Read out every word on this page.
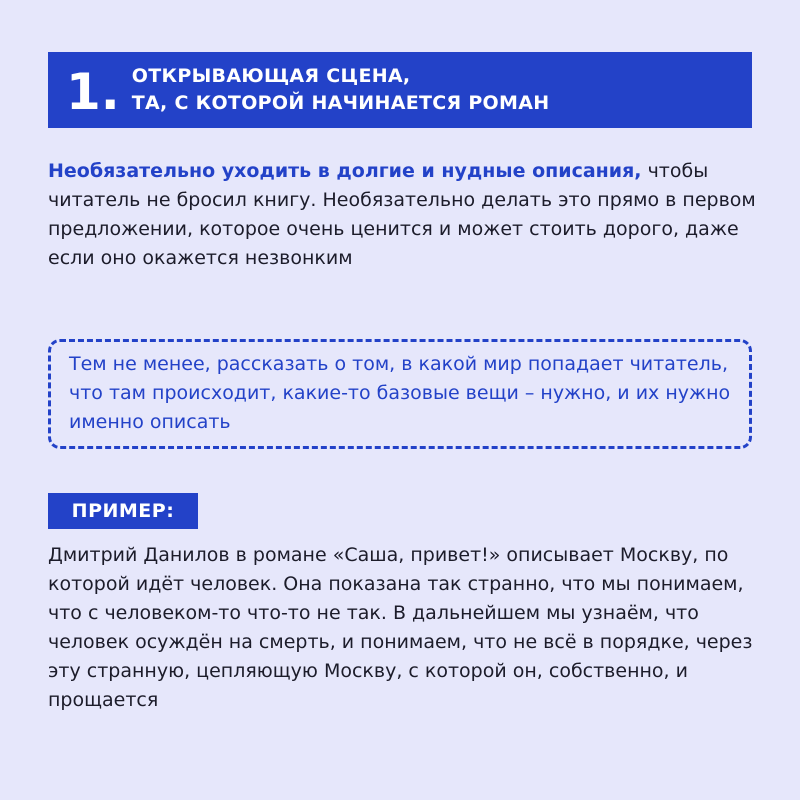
1. ОТКРЫВАЮЩАЯ СЦЕНА,
ТА, С КОТОРОЙ НАЧИНАЕТСЯ РОМАН
Необязательно уходить в долгие и нудные описания, чтобы читатель не бросил книгу. Необязательно делать это прямо в первом предложении, которое очень ценится и может стоить дорого, даже если оно окажется незвонким
Тем не менее, рассказать о том, в какой мир попадает читатель, что там происходит, какие-то базовые вещи – нужно, и их нужно именно описать
ПРИМЕР:
Дмитрий Данилов в романе «Саша, привет!» описывает Москву, по которой идёт человек. Она показана так странно, что мы понимаем, что с человеком-то что-то не так. В дальнейшем мы узнаём, что человек осуждён на смерть, и понимаем, что не всё в порядке, через эту странную, цепляющую Москву, с которой он, собственно, и прощается
